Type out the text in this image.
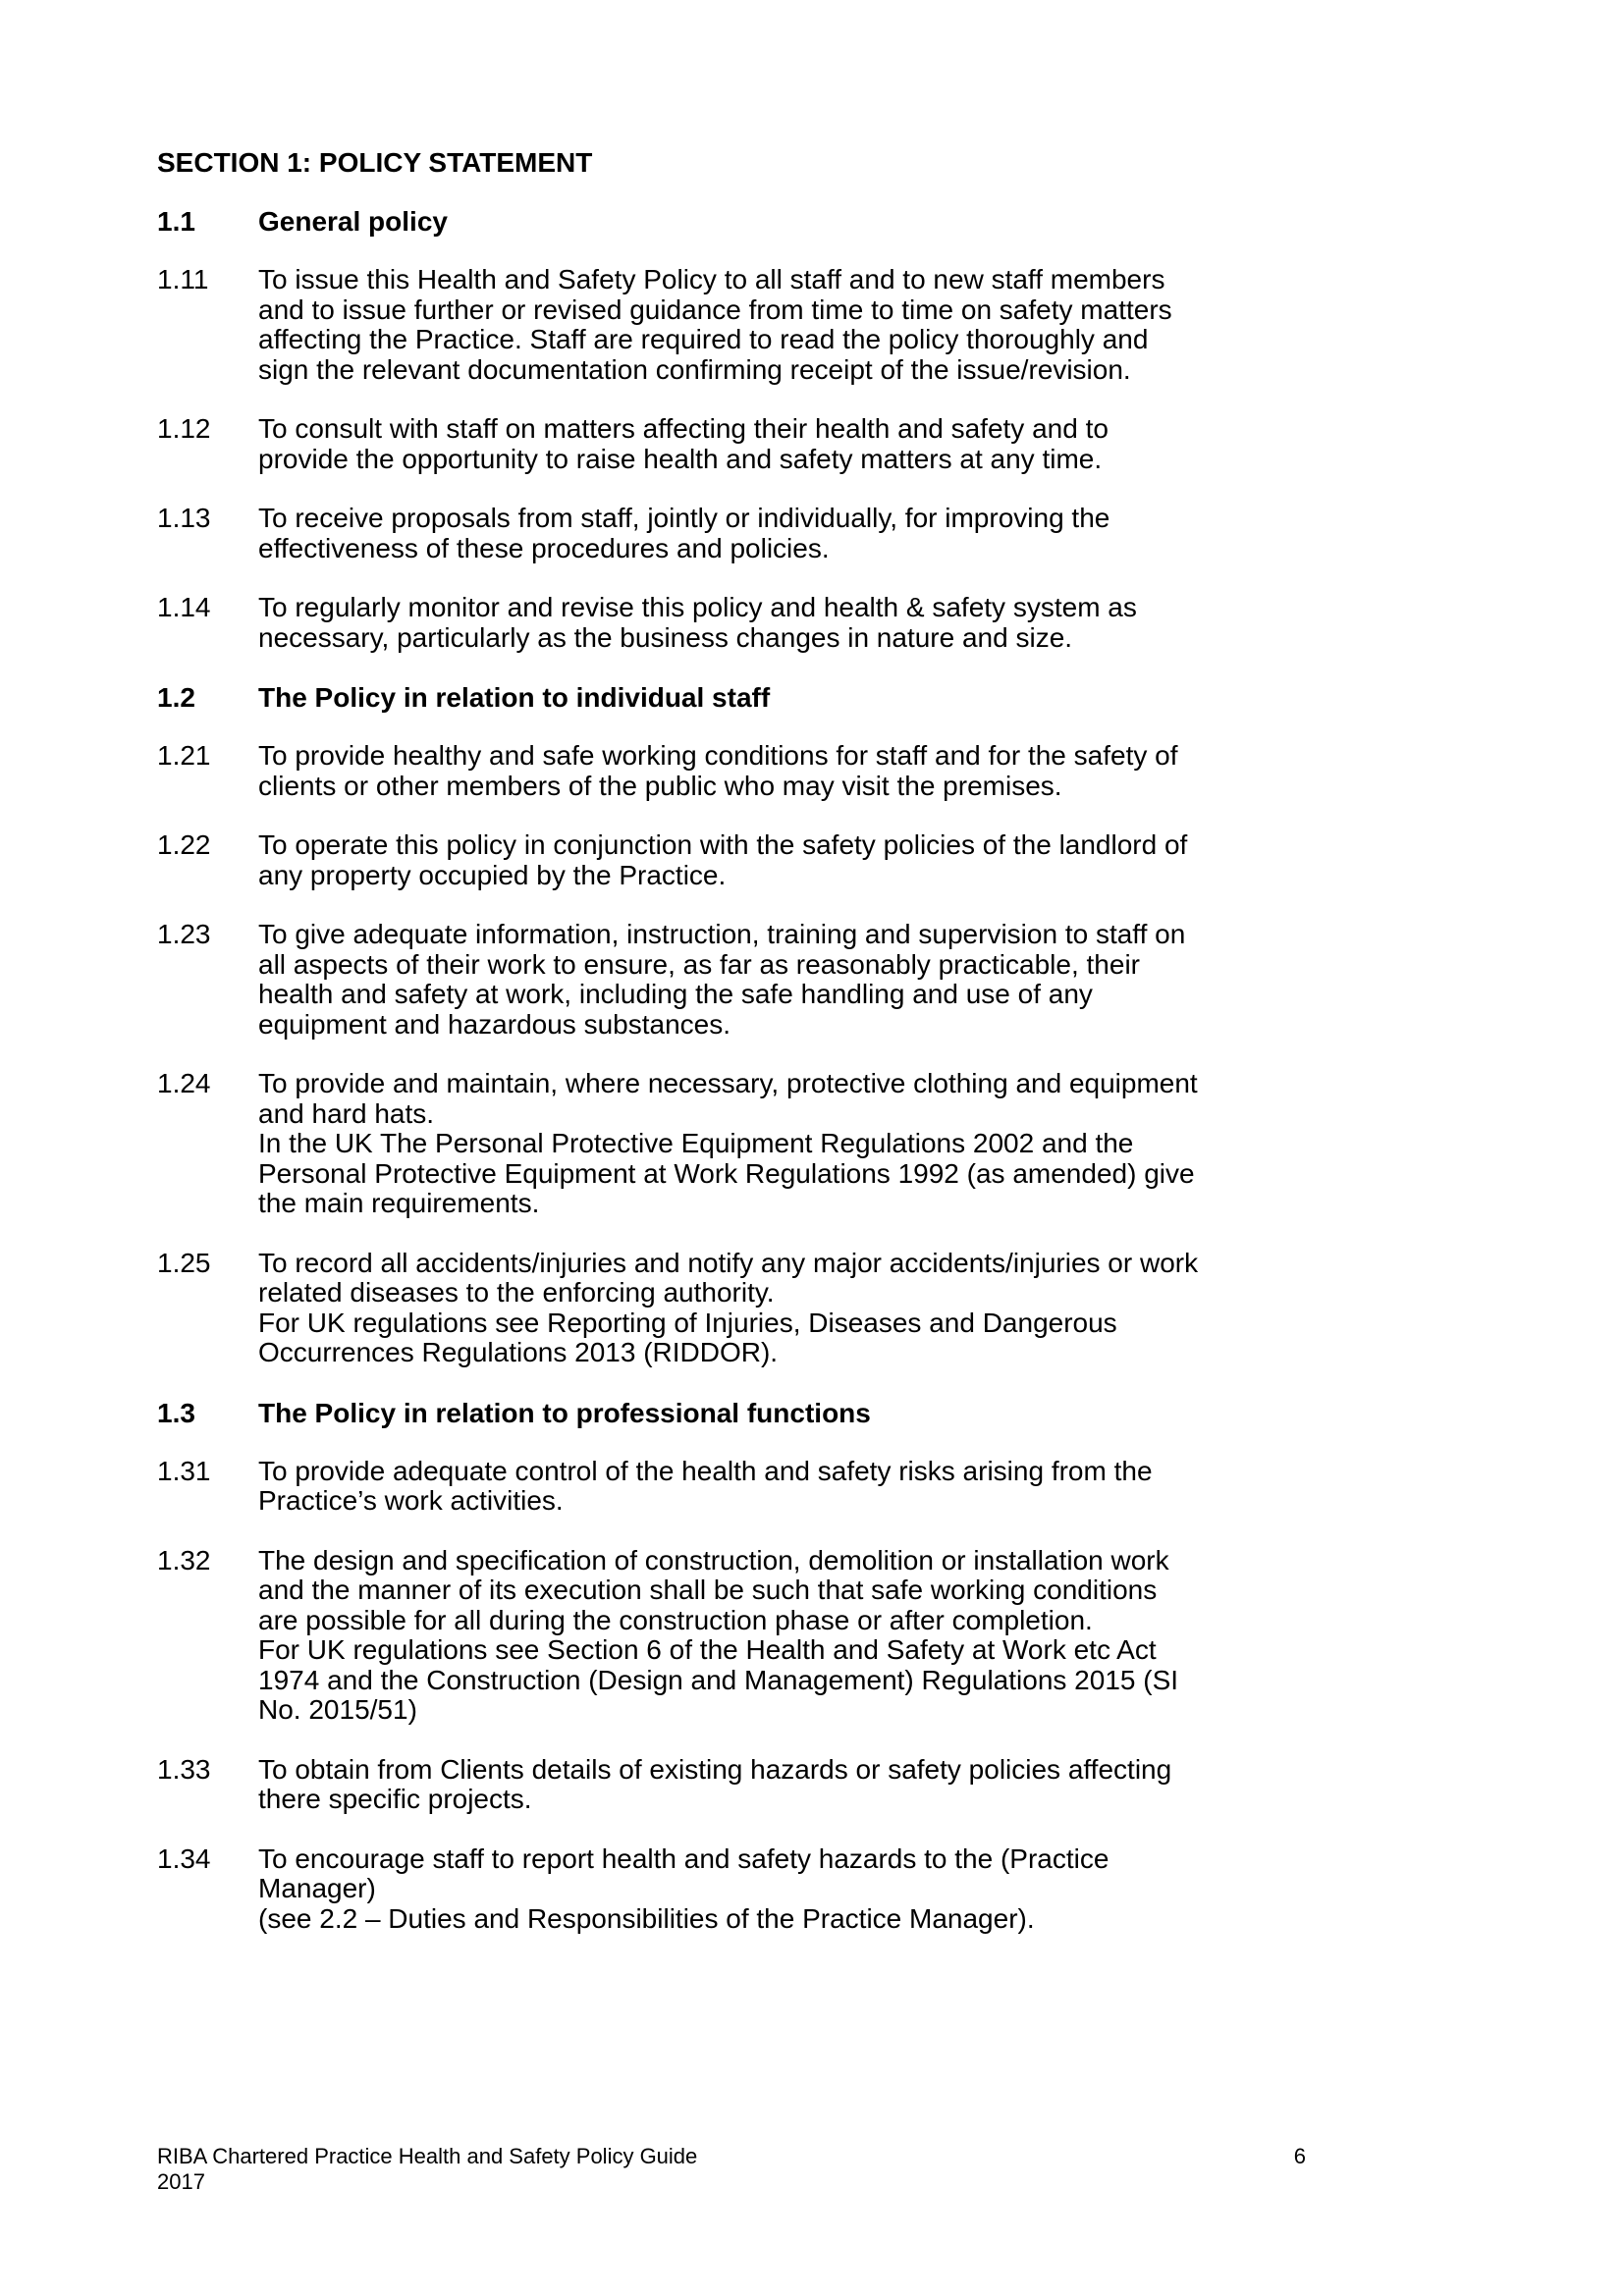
SECTION 1: POLICY STATEMENT
1.1	General policy
1.11	To issue this Health and Safety Policy to all staff and to new staff members
and to issue further or revised guidance from time to time on safety matters
affecting the Practice. Staff are required to read the policy thoroughly and
sign the relevant documentation confirming receipt of the issue/revision.
1.12	To consult with staff on matters affecting their health and safety and to
provide the opportunity to raise health and safety matters at any time.
1.13	To receive proposals from staff, jointly or individually, for improving the
effectiveness of these procedures and policies.
1.14	To regularly monitor and revise this policy and health & safety system as
necessary, particularly as the business changes in nature and size.
1.2	The Policy in relation to individual staff
1.21	To provide healthy and safe working conditions for staff and for the safety of
clients or other members of the public who may visit the premises.
1.22	To operate this policy in conjunction with the safety policies of the landlord of
any property occupied by the Practice.
1.23	To give adequate information, instruction, training and supervision to staff on
all aspects of their work to ensure, as far as reasonably practicable, their
health and safety at work, including the safe handling and use of any
equipment and hazardous substances.
1.24	To provide and maintain, where necessary, protective clothing and equipment
and hard hats.
In the UK The Personal Protective Equipment Regulations 2002 and the
Personal Protective Equipment at Work Regulations 1992 (as amended) give
the main requirements.
1.25	To record all accidents/injuries and notify any major accidents/injuries or work
related diseases to the enforcing authority.
For UK regulations see Reporting of Injuries, Diseases and Dangerous
Occurrences Regulations 2013 (RIDDOR).
1.3	The Policy in relation to professional functions
1.31	To provide adequate control of the health and safety risks arising from the
Practice’s work activities.
1.32	The design and specification of construction, demolition or installation work
and the manner of its execution shall be such that safe working conditions
are possible for all during the construction phase or after completion.
For UK regulations see Section 6 of the Health and Safety at Work etc Act
1974 and the Construction (Design and Management) Regulations 2015 (SI
No. 2015/51)
1.33	To obtain from Clients details of existing hazards or safety policies affecting
there specific projects.
1.34	To encourage staff to report health and safety hazards to the (Practice
Manager)
(see 2.2 – Duties and Responsibilities of the Practice Manager).
RIBA Chartered Practice Health and Safety Policy Guide
2017
6
